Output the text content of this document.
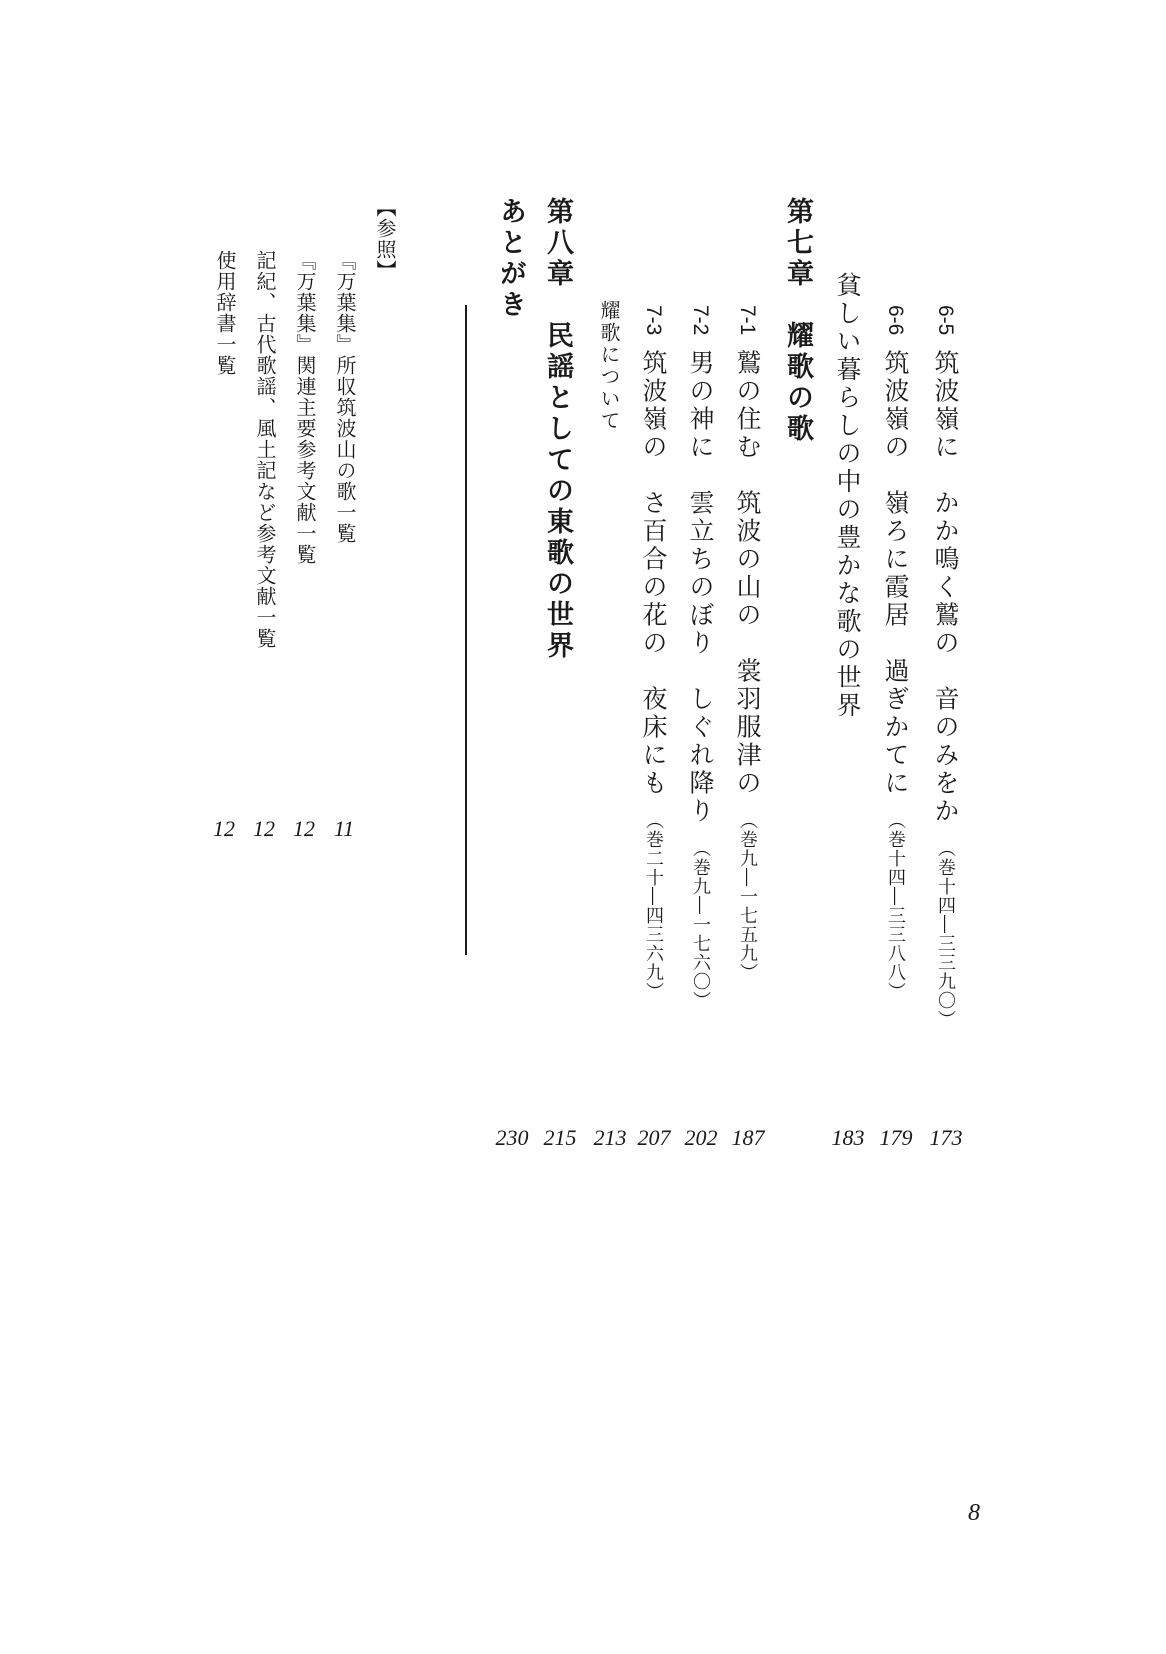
6-5筑波嶺に　かか鳴く鷲の　音のみをか（巻十四―三三九〇）
173
6-6筑波嶺の　嶺ろに霞居　過ぎかてに（巻十四―三三八八）
179
貧しい暮らしの中の豊かな歌の世界
183
第七章　耀歌の歌
7-1鷲の住む　筑波の山の　裳羽服津の（巻九―一七五九）
187
7-2男の神に　雲立ちのぼり　しぐれ降り（巻九―一七六〇）
202
7-3筑波嶺の　さ百合の花の　夜床にも（巻二十―四三六九）
207
耀歌について
213
第八章　民謡としての東歌の世界
215
あとがき
230
【参照】
『万葉集』所収筑波山の歌一覧
11
『万葉集』関連主要参考文献一覧
12
記紀、古代歌謡、風土記など参考文献一覧
12
使用辞書一覧
12
8
